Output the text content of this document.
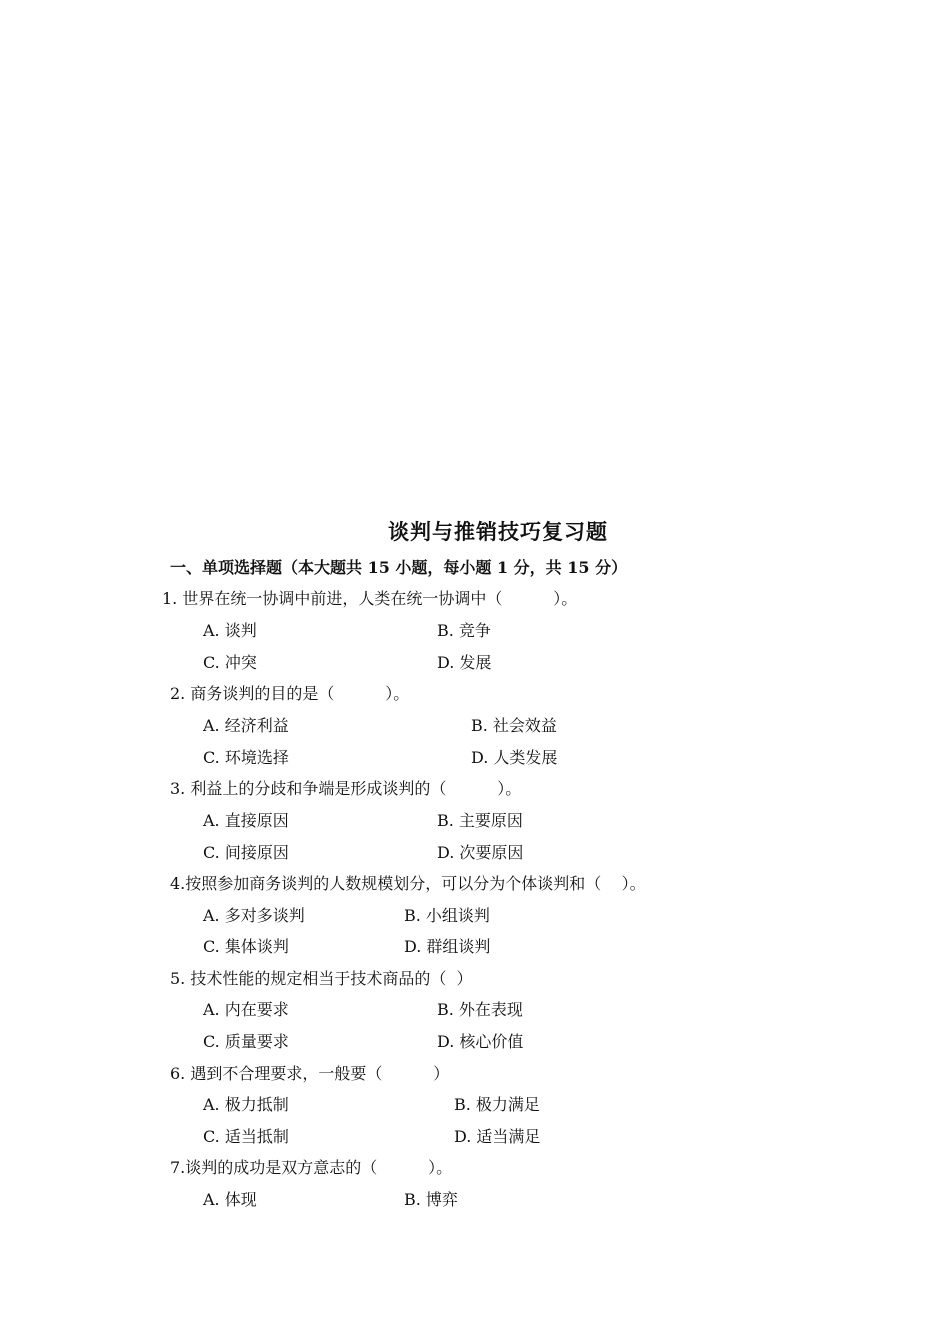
谈判与推销技巧复习题
一、单项选择题（本大题共 15 小题，每小题 1 分，共 15 分）
1. 世界在统一协调中前进，人类在统一协调中（          ）。
A. 谈判	B. 竞争
C. 冲突	D. 发展
2. 商务谈判的目的是（          ）。
A. 经济利益	B. 社会效益
C. 环境选择	D. 人类发展
3. 利益上的分歧和争端是形成谈判的（          ）。
A. 直接原因	B. 主要原因
C. 间接原因	D. 次要原因
4.按照参加商务谈判的人数规模划分，可以分为个体谈判和（    ）。
A. 多对多谈判	B. 小组谈判
C. 集体谈判	D. 群组谈判
5. 技术性能的规定相当于技术商品的（  ）
A. 内在要求	B. 外在表现
C. 质量要求	D. 核心价值
6. 遇到不合理要求，一般要（          ）
A. 极力抵制	B. 极力满足
C. 适当抵制	D. 适当满足
7.谈判的成功是双方意志的（          ）。
A. 体现	B. 博弈
